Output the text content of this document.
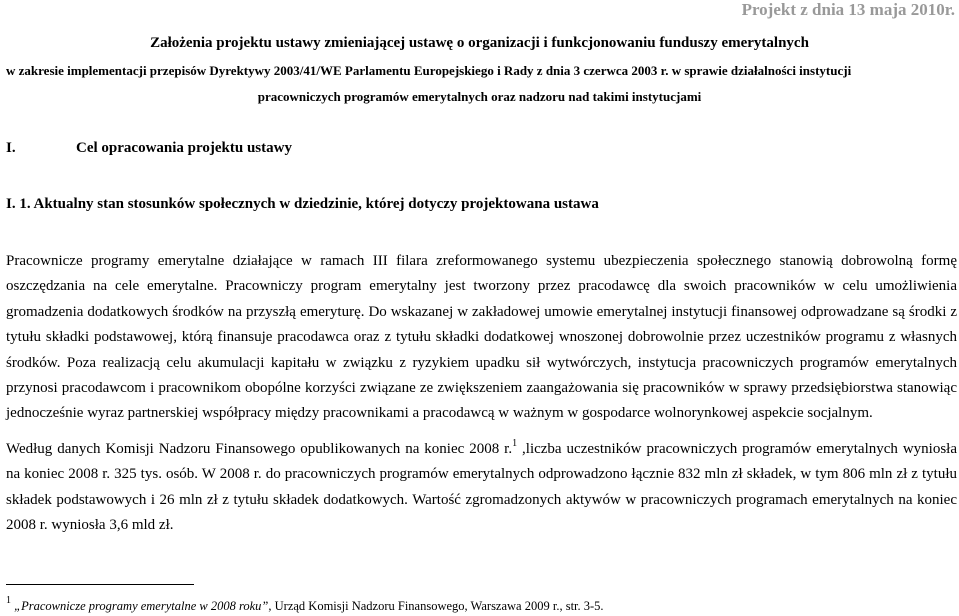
Projekt z dnia 13 maja 2010r.
Założenia projektu ustawy zmieniającej ustawę o organizacji i funkcjonowaniu funduszy emerytalnych
w zakresie implementacji przepisów Dyrektywy 2003/41/WE Parlamentu Europejskiego i Rady z dnia 3 czerwca 2003 r. w sprawie działalności instytucji
pracowniczych programów emerytalnych oraz nadzoru nad takimi instytucjami
I.	Cel opracowania projektu ustawy
I. 1. Aktualny stan stosunków społecznych w dziedzinie, której dotyczy projektowana ustawa

Pracownicze programy emerytalne działające w ramach III filara zreformowanego systemu ubezpieczenia społecznego stanowią dobrowolną formę oszczędzania na cele emerytalne. Pracowniczy program emerytalny jest tworzony przez pracodawcę dla swoich pracowników w celu umożliwienia gromadzenia dodatkowych środków na przyszłą emeryturę. Do wskazanej w zakładowej umowie emerytalnej instytucji finansowej odprowadzane są środki z tytułu składki podstawowej, którą finansuje pracodawca oraz z tytułu składki dodatkowej wnoszonej dobrowolnie przez uczestników programu z własnych środków. Poza realizacją celu akumulacji kapitału w związku z ryzykiem upadku sił wytwórczych, instytucja pracowniczych programów emerytalnych przynosi pracodawcom i pracownikom obopólne korzyści związane ze zwiększeniem zaangażowania się pracowników w sprawy przedsiębiorstwa stanowiąc jednocześnie wyraz partnerskiej współpracy między pracownikami a pracodawcą w ważnym w gospodarce wolnorynkowej aspekcie socjalnym.

Według danych Komisji Nadzoru Finansowego opublikowanych na koniec 2008 r.$^1$ ,liczba uczestników pracowniczych programów emerytalnych wyniosła na koniec 2008 r. 325 tys. osób. W 2008 r. do pracowniczych programów emerytalnych odprowadzono łącznie 832 mln zł składek, w tym 806 mln zł z tytułu składek podstawowych i 26 mln zł z tytułu składek dodatkowych. Wartość zgromadzonych aktywów w pracowniczych programach emerytalnych na koniec 2008 r. wyniosła 3,6 mld zł.

$^1$ „Pracownicze programy emerytalne w 2008 roku”, Urząd Komisji Nadzoru Finansowego, Warszawa 2009 r., str. 3-5.
